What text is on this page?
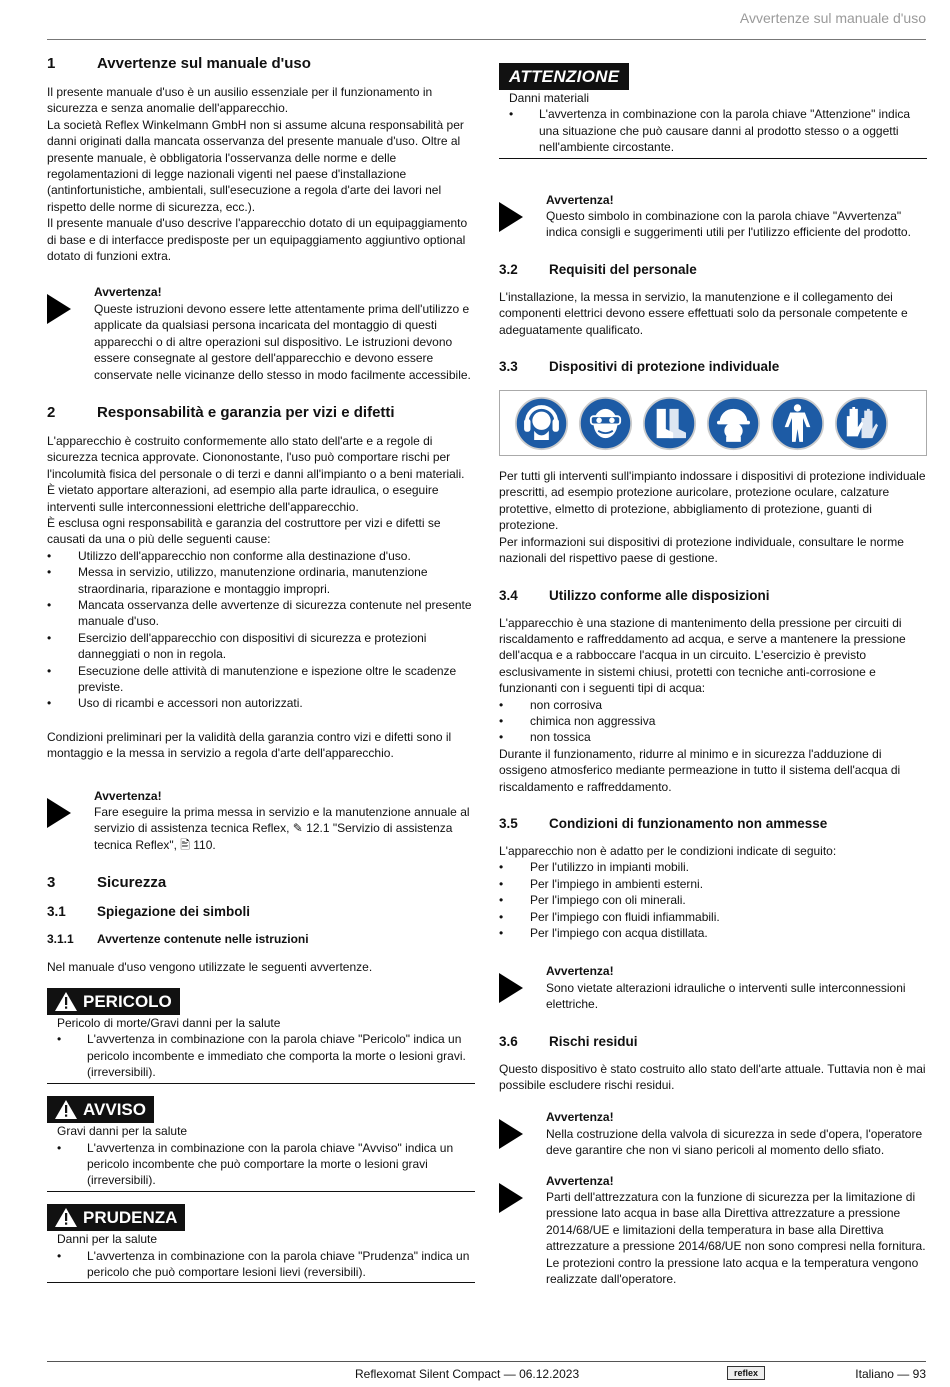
Avvertenze sul manuale d'uso
1	Avvertenze sul manuale d'uso

Il presente manuale d'uso è un ausilio essenziale per il funzionamento in sicurezza e senza anomalie dell'apparecchio.

La società Reflex Winkelmann GmbH non si assume alcuna responsabilità per danni originati dalla mancata osservanza del presente manuale d'uso. Oltre al presente manuale, è obbligatoria l'osservanza delle norme e delle regolamentazioni di legge nazionali vigenti nel paese d'installazione (antinfortunistiche, ambientali, sull'esecuzione a regola d'arte dei lavori nel rispetto delle norme di sicurezza, ecc.).

Il presente manuale d'uso descrive l'apparecchio dotato di un equipaggiamento di base e di interfacce predisposte per un equipaggiamento aggiuntivo optional dotato di funzioni extra.

Avvertenza!

Queste istruzioni devono essere lette attentamente prima dell'utilizzo e applicate da qualsiasi persona incaricata del montaggio di questi apparecchi o di altre operazioni sul dispositivo. Le istruzioni devono essere consegnate al gestore dell'apparecchio e devono essere conservate nelle vicinanze dello stesso in modo facilmente accessibile.

2	Responsabilità e garanzia per vizi e difetti

L'apparecchio è costruito conformemente allo stato dell'arte e a regole di sicurezza tecnica approvate. Ciononostante, l'uso può comportare rischi per l'incolumità fisica del personale o di terzi e danni all'impianto o a beni materiali.

È vietato apportare alterazioni, ad esempio alla parte idraulica, o eseguire interventi sulle interconnessioni elettriche dell'apparecchio.

È esclusa ogni responsabilità e garanzia del costruttore per vizi e difetti se causati da una o più delle seguenti cause:

• Utilizzo dell'apparecchio non conforme alla destinazione d'uso.
• Messa in servizio, utilizzo, manutenzione ordinaria, manutenzione straordinaria, riparazione e montaggio impropri.
• Mancata osservanza delle avvertenze di sicurezza contenute nel presente manuale d'uso.
• Esercizio dell'apparecchio con dispositivi di sicurezza e protezioni danneggiati o non in regola.
• Esecuzione delle attività di manutenzione e ispezione oltre le scadenze previste.
• Uso di ricambi e accessori non autorizzati.

Condizioni preliminari per la validità della garanzia contro vizi e difetti sono il montaggio e la messa in servizio a regola d'arte dell'apparecchio.

Avvertenza!

Fare eseguire la prima messa in servizio e la manutenzione annuale al servizio di assistenza tecnica Reflex, ✎ 12.1 "Servizio di assistenza tecnica Reflex", 🖹 110.

3	Sicurezza
3.1	Spiegazione dei simboli
3.1.1	Avvertenze contenute nelle istruzioni

Nel manuale d'uso vengono utilizzate le seguenti avvertenze.

PERICOLO

Pericolo di morte/Gravi danni per la salute

• L'avvertenza in combinazione con la parola chiave "Pericolo" indica un pericolo incombente e immediato che comporta la morte o lesioni gravi.(irreversibili).
AVVISO

Gravi danni per la salute

• L'avvertenza in combinazione con la parola chiave "Avviso" indica un pericolo incombente che può comportare la morte o lesioni gravi (irreversibili).
PRUDENZA

Danni per la salute

• L'avvertenza in combinazione con la parola chiave "Prudenza" indica un pericolo che può comportare lesioni lievi (reversibili).
ATTENZIONE

Danni materiali

• L'avvertenza in combinazione con la parola chiave "Attenzione" indica una situazione che può causare danni al prodotto stesso o a oggetti nell'ambiente circostante.

Avvertenza!

Questo simbolo in combinazione con la parola chiave "Avvertenza" indica consigli e suggerimenti utili per l'utilizzo efficiente del prodotto.

3.2	Requisiti del personale

L'installazione, la messa in servizio, la manutenzione e il collegamento dei componenti elettrici devono essere effettuati solo da personale competente e adeguatamente qualificato.

3.3	Dispositivi di protezione individuale

Per tutti gli interventi sull'impianto indossare i dispositivi di protezione individuale prescritti, ad esempio protezione auricolare, protezione oculare, calzature protettive, elmetto di protezione, abbigliamento di protezione, guanti di protezione.

Per informazioni sui dispositivi di protezione individuale, consultare le norme nazionali del rispettivo paese di gestione.

3.4	Utilizzo conforme alle disposizioni

L'apparecchio è una stazione di mantenimento della pressione per circuiti di riscaldamento e raffreddamento ad acqua, e serve a mantenere la pressione dell'acqua e a rabboccare l'acqua in un circuito. L'esercizio è previsto esclusivamente in sistemi chiusi, protetti con tecniche anti-corrosione e funzionanti con i seguenti tipi di acqua:

• non corrosiva
• chimica non aggressiva
• non tossica

Durante il funzionamento, ridurre al minimo e in sicurezza l'adduzione di ossigeno atmosferico mediante permeazione in tutto il sistema dell'acqua di riscaldamento e raffreddamento.

3.5	Condizioni di funzionamento non ammesse

L'apparecchio non è adatto per le condizioni indicate di seguito:

• Per l'utilizzo in impianti mobili.
• Per l'impiego in ambienti esterni.
• Per l'impiego con oli minerali.
• Per l'impiego con fluidi infiammabili.
• Per l'impiego con acqua distillata.

Avvertenza!

Sono vietate alterazioni idrauliche o interventi sulle interconnessioni elettriche.

3.6	Rischi residui

Questo dispositivo è stato costruito allo stato dell'arte attuale. Tuttavia non è mai possibile escludere rischi residui.

Avvertenza!

Nella costruzione della valvola di sicurezza in sede d'opera, l'operatore deve garantire che non vi siano pericoli al momento dello sfiato.

Avvertenza!

Parti dell'attrezzatura con la funzione di sicurezza per la limitazione di pressione lato acqua in base alla Direttiva attrezzature a pressione 2014/68/UE e limitazioni della temperatura in base alla Direttiva attrezzature a pressione 2014/68/UE non sono compresi nella fornitura. Le protezioni contro la pressione lato acqua e la temperatura vengono realizzate dall'operatore.

Reflexomat Silent Compact — 06.12.2023	reflex	Italiano — 93
